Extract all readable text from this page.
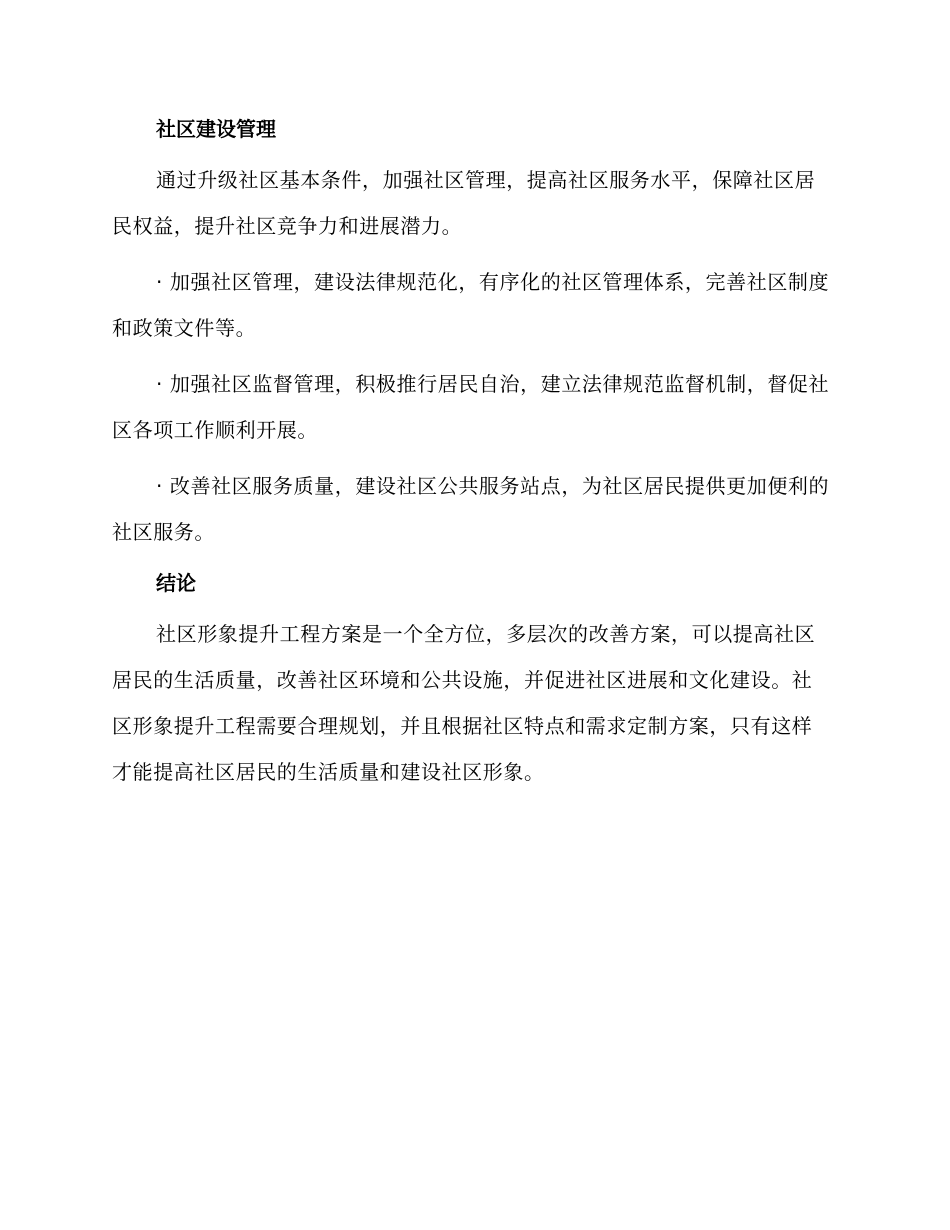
社区建设管理

通过升级社区基本条件，加强社区管理，提高社区服务水平，保障社区居民权益，提升社区竞争力和进展潜力。

· 加强社区管理，建设法律规范化，有序化的社区管理体系，完善社区制度和政策文件等。

· 加强社区监督管理，积极推行居民自治，建立法律规范监督机制，督促社区各项工作顺利开展。

· 改善社区服务质量，建设社区公共服务站点，为社区居民提供更加便利的社区服务。

结论

社区形象提升工程方案是一个全方位，多层次的改善方案，可以提高社区居民的生活质量，改善社区环境和公共设施，并促进社区进展和文化建设。社区形象提升工程需要合理规划，并且根据社区特点和需求定制方案，只有这样才能提高社区居民的生活质量和建设社区形象。
